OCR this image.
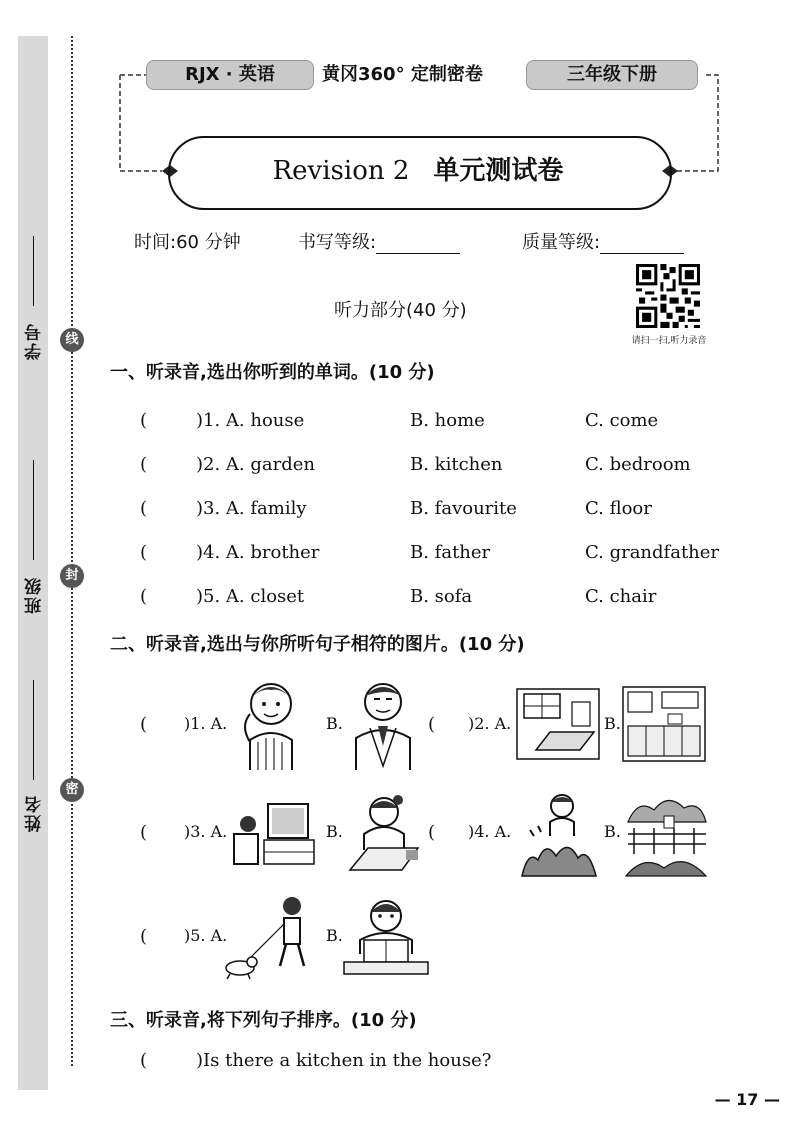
学号
班级
姓名
线
封
密
RJX · 英语	黄冈360° 定制密卷	三年级下册
Revision 2 单元测试卷
时间:60 分钟	书写等级:	质量等级:
听力部分(40 分)
请扫一扫,听力录音
一、听录音,选出你听到的单词。(10 分)
(	)1. A. house	B. home	C. come
(	)2. A. garden	B. kitchen	C. bedroom
(	)3. A. family	B. favourite	C. floor
(	)4. A. brother	B. father	C. grandfather
(	)5. A. closet	B. sofa	C. chair
二、听录音,选出与你所听句子相符的图片。(10 分)
( )1. A.	B.	( )2. A.	B.
( )3. A.	B.	( )4. A.	B.
( )5. A.	B.
三、听录音,将下列句子排序。(10 分)
(	)Is there a kitchen in the house?
— 17 —
